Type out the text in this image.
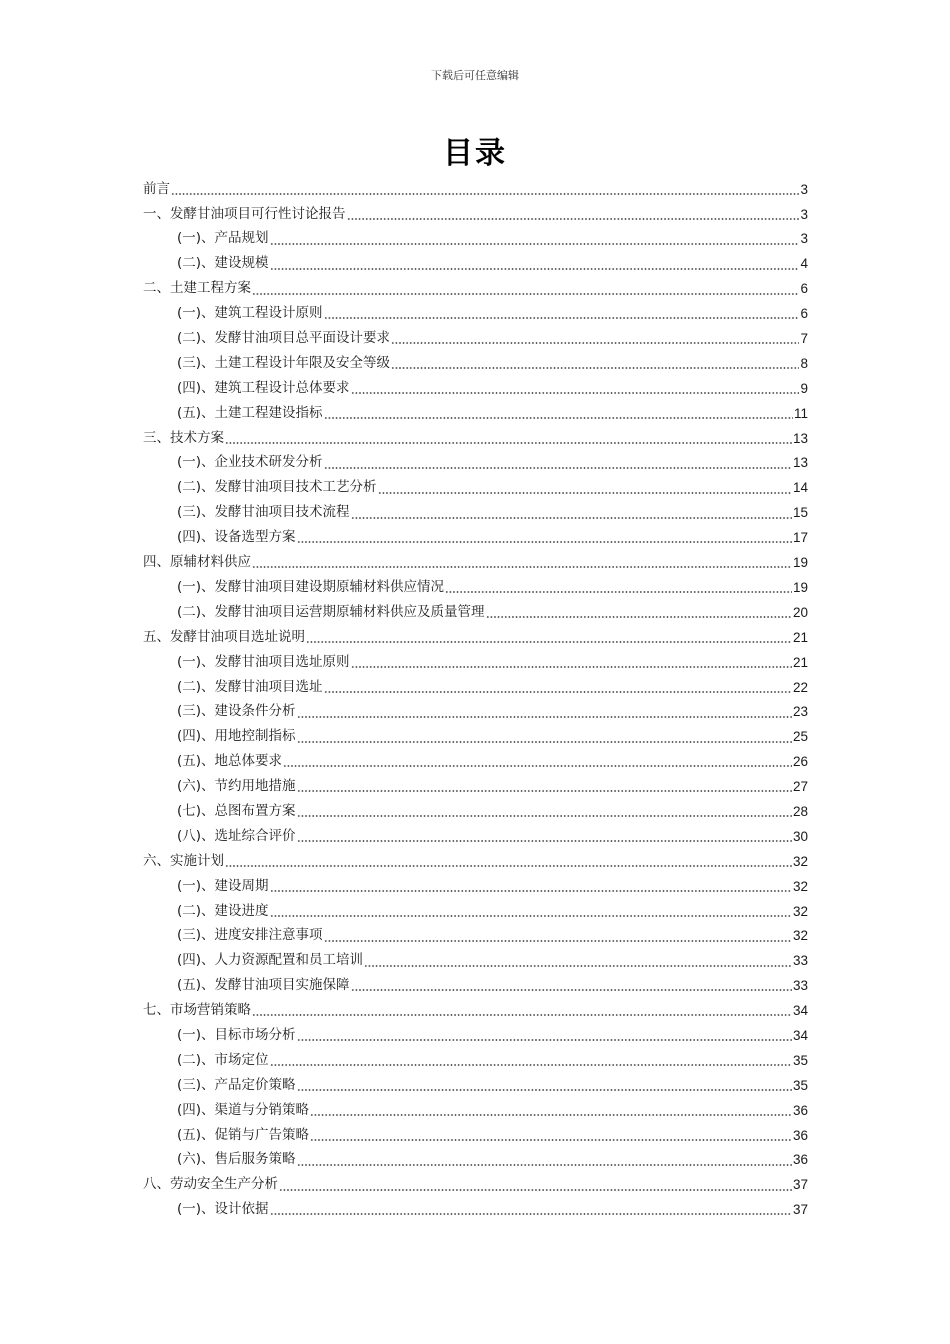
下载后可任意编辑
目录
前言	3
一、发酵甘油项目可行性讨论报告	3
(一)、产品规划	3
(二)、建设规模	4
二、土建工程方案	6
(一)、建筑工程设计原则	6
(二)、发酵甘油项目总平面设计要求	7
(三)、土建工程设计年限及安全等级	8
(四)、建筑工程设计总体要求	9
(五)、土建工程建设指标	11
三、技术方案	13
(一)、企业技术研发分析	13
(二)、发酵甘油项目技术工艺分析	14
(三)、发酵甘油项目技术流程	15
(四)、设备选型方案	17
四、原辅材料供应	19
(一)、发酵甘油项目建设期原辅材料供应情况	19
(二)、发酵甘油项目运营期原辅材料供应及质量管理	20
五、发酵甘油项目选址说明	21
(一)、发酵甘油项目选址原则	21
(二)、发酵甘油项目选址	22
(三)、建设条件分析	23
(四)、用地控制指标	25
(五)、地总体要求	26
(六)、节约用地措施	27
(七)、总图布置方案	28
(八)、选址综合评价	30
六、实施计划	32
(一)、建设周期	32
(二)、建设进度	32
(三)、进度安排注意事项	32
(四)、人力资源配置和员工培训	33
(五)、发酵甘油项目实施保障	33
七、市场营销策略	34
(一)、目标市场分析	34
(二)、市场定位	35
(三)、产品定价策略	35
(四)、渠道与分销策略	36
(五)、促销与广告策略	36
(六)、售后服务策略	36
八、劳动安全生产分析	37
(一)、设计依据	37
